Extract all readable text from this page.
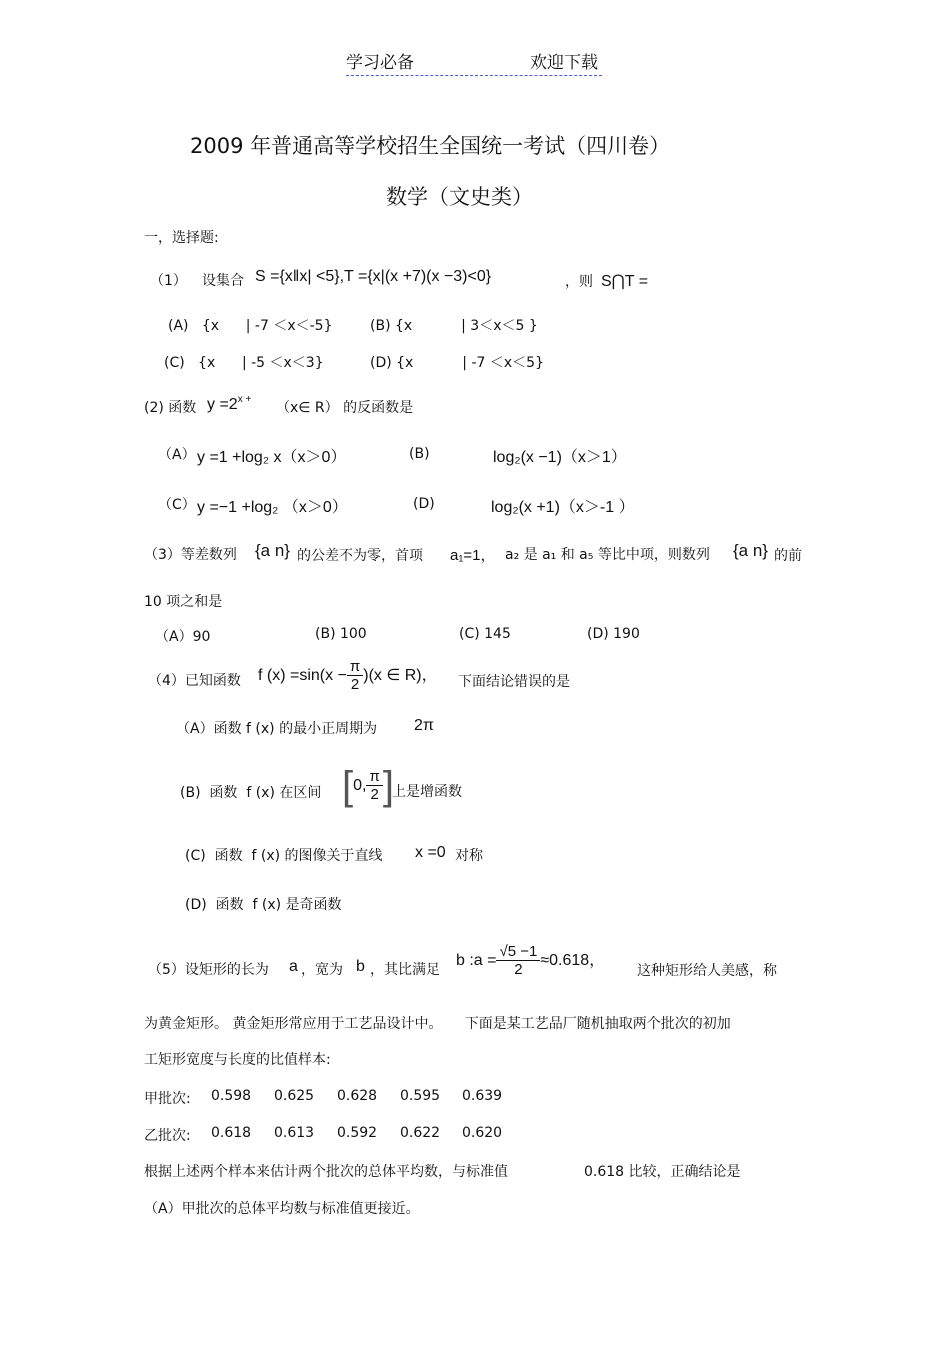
学习必备	欢迎下载
2009 年普通高等学校招生全国统一考试（四川卷）
数学（文史类）
一，选择题:
（1） 设集合 S ={x‖x| <5},T ={x|(x +7)(x −3)<0}	，则 S⋂T =
(A)   {x      | -7 ＜x＜-5}	(B) {x           | 3＜x＜5 }
(C)   {x      | -5 ＜x＜3}	(D) {x           | -7 ＜x＜5}
(2) 函数 $y =2^{x +}$
（x∈ R） 的反函数是
（A） y =1 +log₂ x（x＞0）	(B)	log₂(x −1)（x＞1）
（C） y =−1 +log₂ （x＞0）	(D)	log₂(x +1)（x＞-1 ）
（3）等差数列 {a n} 的公差不为零，首项 a₁=1， a₂ 是 a₁ 和 a₅ 等比中项，则数列 {a n} 的前
10 项之和是
（A）90	(B) 100	(C) 145	(D) 190
（4）已知函数 f $(x) =\sin(x - \frac{\pi}{2} )(x$ ∈ R)， 下面结论错误的是
（A）函数 f (x) 的最小正周期为 2π
(B)  函数  f (x) 在区间 [0, $\frac{\pi}{2}$ ]
上是增函数
(C)  函数  f (x) 的图像关于直线 x =0 对称
(D)  函数  f (x) 是奇函数
（5）设矩形的长为 a ，宽为 b ，其比满足
b :a = $\frac{√5 -1}{2} \approx 0.618$，
这种矩形给人美感，称
为黄金矩形。 黄金矩形常应用于工艺品设计中。     下面是某工艺品厂随机抽取两个批次的初加
工矩形宽度与长度的比值样本:
甲批次: 0.598 0.625 0.628 0.595 0.639
乙批次: 0.618 0.613 0.592 0.622 0.620
根据上述两个样本来估计两个批次的总体平均数，与标准值	0.618 比较，正确结论是
（A）甲批次的总体平均数与标准值更接近。
